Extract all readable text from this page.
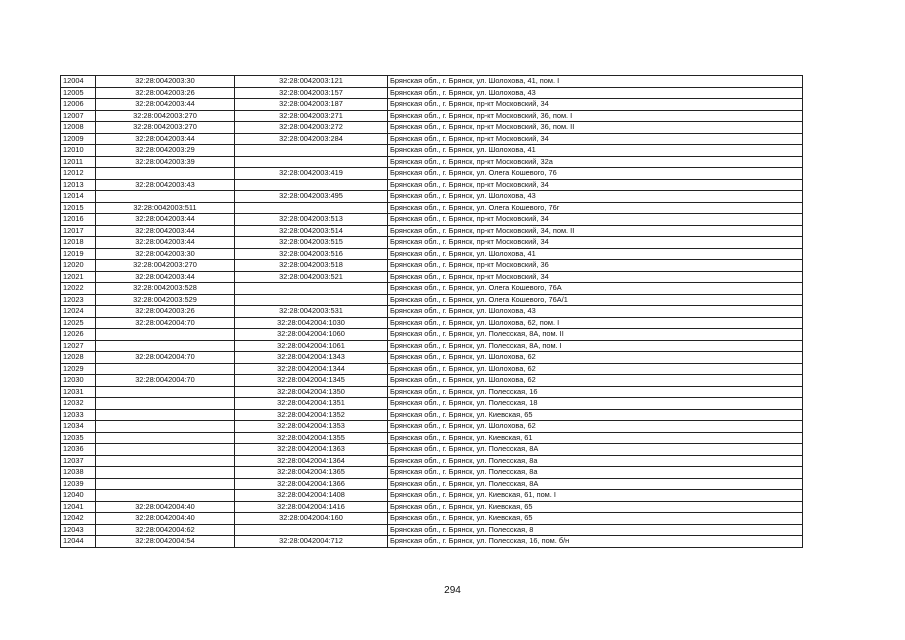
12004	32:28:0042003:30	32:28:0042003:121	Брянская обл., г. Брянск, ул. Шолохова, 41, пом. I
12005	32:28:0042003:26	32:28:0042003:157	Брянская обл., г. Брянск, ул. Шолохова, 43
12006	32:28:0042003:44	32:28:0042003:187	Брянская обл., г. Брянск, пр-кт Московский, 34
12007	32:28:0042003:270	32:28:0042003:271	Брянская обл., г. Брянск, пр-кт Московский, 36, пом. I
12008	32:28:0042003:270	32:28:0042003:272	Брянская обл., г. Брянск, пр-кт Московский, 36, пом. II
12009	32:28:0042003:44	32:28:0042003:284	Брянская обл., г. Брянск, пр-кт Московский, 34
12010	32:28:0042003:29		Брянская обл., г. Брянск, ул. Шолохова, 41
12011	32:28:0042003:39		Брянская обл., г. Брянск, пр-кт Московский, 32а
12012		32:28:0042003:419	Брянская обл., г. Брянск, ул. Олега Кошевого, 76
12013	32:28:0042003:43		Брянская обл., г. Брянск, пр-кт Московский, 34
12014		32:28:0042003:495	Брянская обл., г. Брянск, ул. Шолохова, 43
12015	32:28:0042003:511		Брянская обл., г. Брянск, ул. Олега Кошевого, 76г
12016	32:28:0042003:44	32:28:0042003:513	Брянская обл., г. Брянск, пр-кт Московский, 34
12017	32:28:0042003:44	32:28:0042003:514	Брянская обл., г. Брянск, пр-кт Московский, 34, пом. II
12018	32:28:0042003:44	32:28:0042003:515	Брянская обл., г. Брянск, пр-кт Московский, 34
12019	32:28:0042003:30	32:28:0042003:516	Брянская обл., г. Брянск, ул. Шолохова, 41
12020	32:28:0042003:270	32:28:0042003:518	Брянская обл., г. Брянск, пр-кт Московский, 36
12021	32:28:0042003:44	32:28:0042003:521	Брянская обл., г. Брянск, пр-кт Московский, 34
12022	32:28:0042003:528		Брянская обл., г. Брянск, ул. Олега Кошевого, 76А
12023	32:28:0042003:529		Брянская обл., г. Брянск, ул. Олега Кошевого, 76А/1
12024	32:28:0042003:26	32:28:0042003:531	Брянская обл., г. Брянск, ул. Шолохова, 43
12025	32:28:0042004:70	32:28:0042004:1030	Брянская обл., г. Брянск, ул. Шолохова, 62, пом. I
12026		32:28:0042004:1060	Брянская обл., г. Брянск, ул. Полесская, 8А, пом. II
12027		32:28:0042004:1061	Брянская обл., г. Брянск, ул. Полесская, 8А, пом. I
12028	32:28:0042004:70	32:28:0042004:1343	Брянская обл., г. Брянск, ул. Шолохова, 62
12029		32:28:0042004:1344	Брянская обл., г. Брянск, ул. Шолохова, 62
12030	32:28:0042004:70	32:28:0042004:1345	Брянская обл., г. Брянск, ул. Шолохова, 62
12031		32:28:0042004:1350	Брянская обл., г. Брянск, ул. Полесская, 16
12032		32:28:0042004:1351	Брянская обл., г. Брянск, ул. Полесская, 18
12033		32:28:0042004:1352	Брянская обл., г. Брянск, ул. Киевская, 65
12034		32:28:0042004:1353	Брянская обл., г. Брянск, ул. Шолохова, 62
12035		32:28:0042004:1355	Брянская обл., г. Брянск, ул. Киевская, 61
12036		32:28:0042004:1363	Брянская обл., г. Брянск, ул. Полесская, 8А
12037		32:28:0042004:1364	Брянская обл., г. Брянск, ул. Полесская, 8а
12038		32:28:0042004:1365	Брянская обл., г. Брянск, ул. Полесская, 8а
12039		32:28:0042004:1366	Брянская обл., г. Брянск, ул. Полесская, 8А
12040		32:28:0042004:1408	Брянская обл., г. Брянск, ул. Киевская, 61, пом. I
12041	32:28:0042004:40	32:28:0042004:1416	Брянская обл., г. Брянск, ул. Киевская, 65
12042	32:28:0042004:40	32:28:0042004:160	Брянская обл., г. Брянск, ул. Киевская, 65
12043	32:28:0042004:62		Брянская обл., г. Брянск, ул. Полесская, 8
12044	32:28:0042004:54	32:28:0042004:712	Брянская обл., г. Брянск, ул. Полесская, 16, пом. б/н
294
